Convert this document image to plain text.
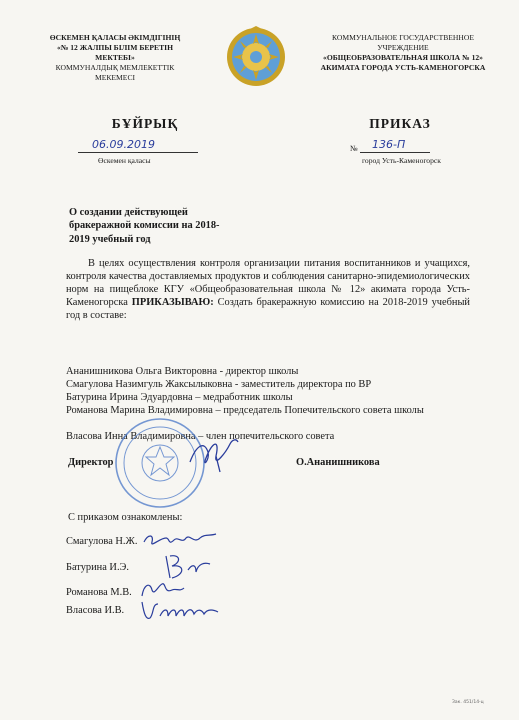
ӨСКЕМЕН ҚАЛАСЫ ӘКІМДІГІНІҢ
«№ 12 ЖАЛПЫ БІЛІМ БЕРЕТІН МЕКТЕБІ»
КОММУНАЛДЫҚ МЕМЛЕКЕТТІК МЕКЕМЕСІ
КОММУНАЛЬНОЕ ГОСУДАРСТВЕННОЕ УЧРЕЖДЕНИЕ
«ОБЩЕОБРАЗОВАТЕЛЬНАЯ ШКОЛА № 12» АКИМАТА ГОРОДА УСТЬ-КАМЕНОГОРСКА
БҰЙРЫҚ	ПРИКАЗ
06.09.2019	№ 136-П
Өскемен қаласы	город Усть-Каменогорск
О создании действующей бракеражной комиссии на 2018-2019 учебный год
В целях осуществления контроля организации питания воспитанников и учащихся, контроля качества доставляемых продуктов и соблюдения санитарно-эпидемиологических норм на пищеблоке КГУ «Общеобразовательная школа № 12» акимата города Усть-Каменогорска ПРИКАЗЫВАЮ: Создать бракеражную комиссию на 2018-2019 учебный год в составе:
Ананишникова Ольга Викторовна - директор школы
Смагулова Назимгуль Жаксылыковна - заместитель директора по ВР
Батурина Ирина Эдуардовна – медработник школы
Романова Марина Владимировна – председатель Попечительского совета школы
Власова Инна Владимировна – член попечительского совета
Директор	О.Ананишникова
С приказом ознакомлены:
Смагулова Н.Ж.
Батурина И.Э.
Романова М.В.
Власова И.В.
Зак. 451/14-ц
